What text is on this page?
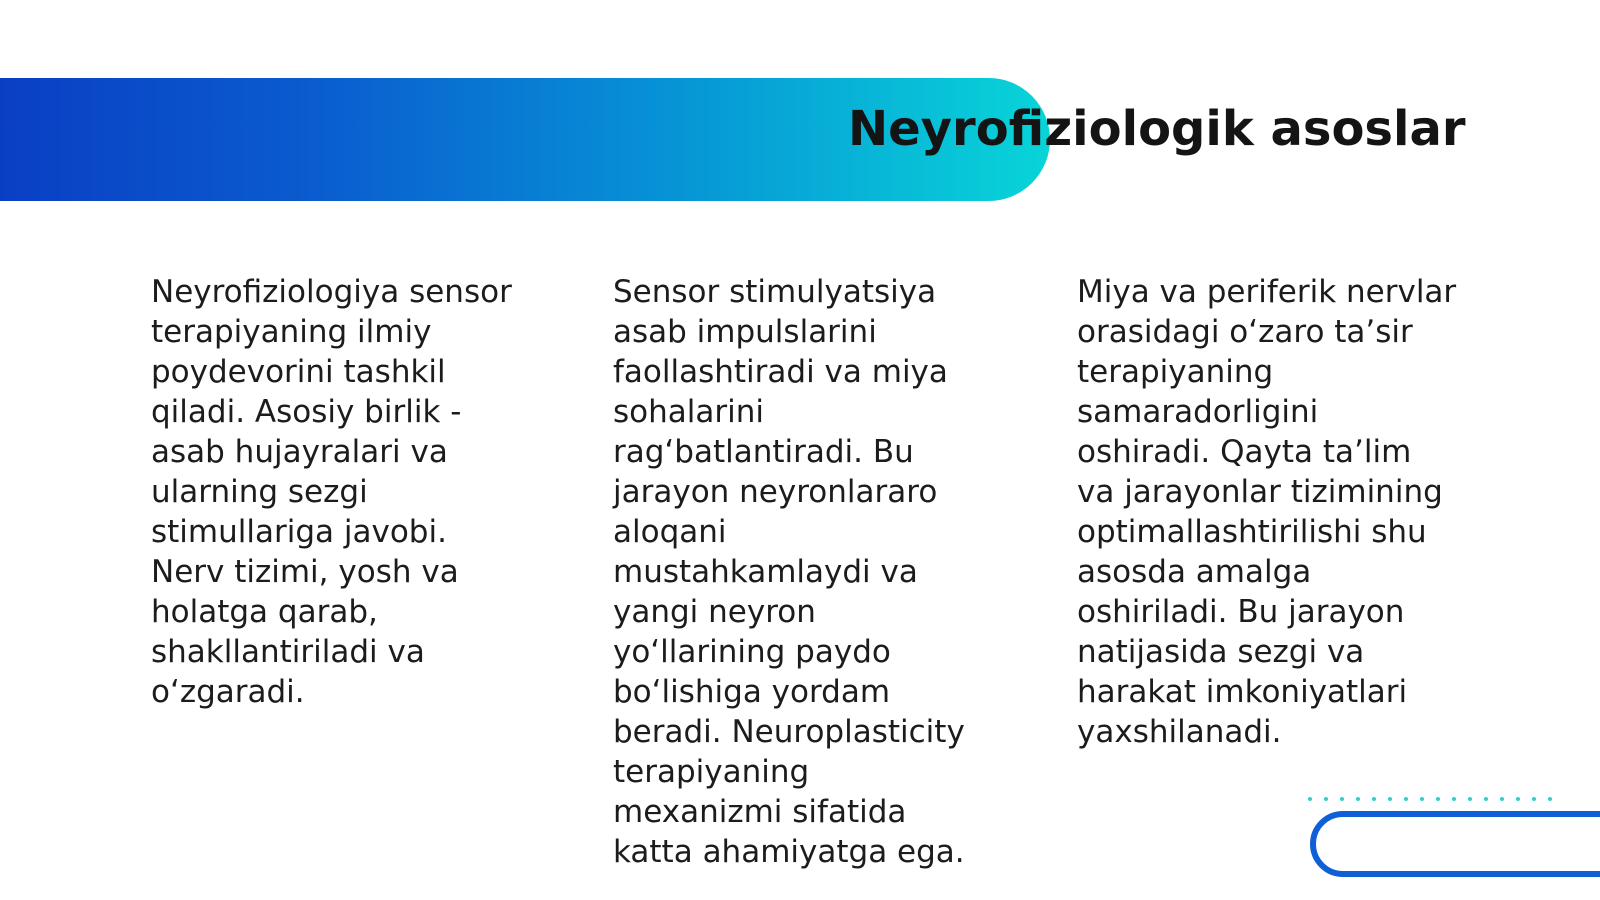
Neyrofiziologik asoslar

Neyrofiziologiya sensor terapiyaning ilmiy poydevorini tashkil qiladi. Asosiy birlik - asab hujayralari va ularning sezgi stimullariga javobi. Nerv tizimi, yosh va holatga qarab, shakllantiriladi va o‘zgaradi.

Sensor stimulyatsiya asab impulslarini faollashtiradi va miya sohalarini rag‘batlantiradi. Bu jarayon neyronlararo aloqani mustahkamlaydi va yangi neyron yo‘llarining paydo bo‘lishiga yordam beradi. Neuroplasticity terapiyaning mexanizmi sifatida katta ahamiyatga ega.

Miya va periferik nervlar orasidagi o‘zaro ta’sir terapiyaning samaradorligini oshiradi. Qayta ta’lim va jarayonlar tizimining optimallashtirilishi shu asosda amalga oshiriladi. Bu jarayon natijasida sezgi va harakat imkoniyatlari yaxshilanadi.
